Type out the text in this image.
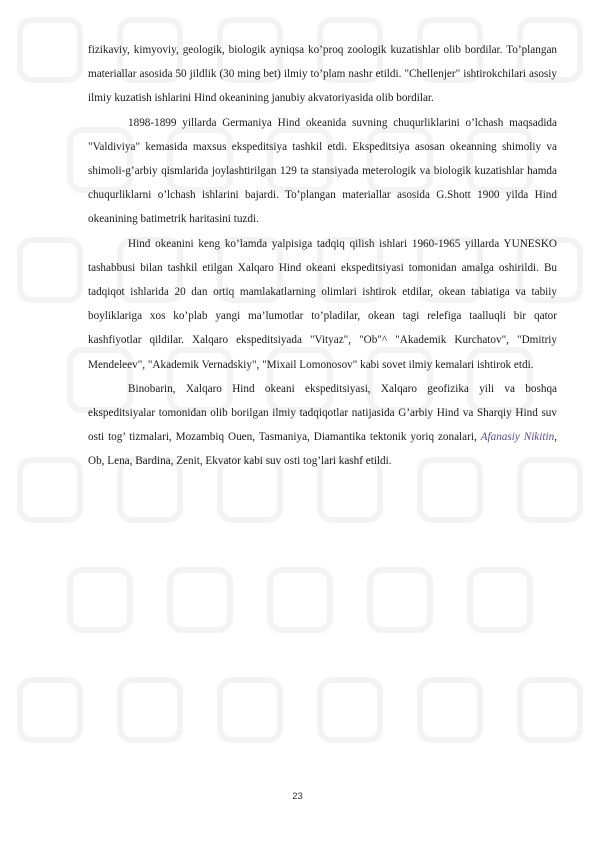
fizikaviy, kimyoviy, geologik, biologik ayniqsa ko’proq zoologik kuzatishlar olib bordilar. To’plangan materiallar asosida 50 jildlik (30 ming bet) ilmiy to’plam nashr etildi. "Chellenjer" ishtirokchilari asosiy ilmiy kuzatish ishlarini Hind okeanining janubiy akvatoriyasida olib bordilar.

1898-1899 yillarda Germaniya Hind okeanida suvning chuqurliklarini o’lchash maqsadida "Valdiviya" kemasida maxsus ekspeditsiya tashkil etdi. Ekspeditsiya asosan okeanning shimoliy va shimoli-g’arbiy qismlarida joylashtirilgan 129 ta stansiyada meterologik va biologik kuzatishlar hamda chuqurliklarni o’lchash ishlarini bajardi. To’plangan materiallar asosida G.Shott 1900 yilda Hind okeanining batimetrik haritasini tuzdi.

Hind okeanini keng ko’lamda yalpisiga tadqiq qilish ishlari 1960-1965 yillarda YUNESKO tashabbusi bilan tashkil etilgan Xalqaro Hind okeani ekspeditsiyasi tomonidan amalga oshirildi. Bu tadqiqot ishlarida 20 dan ortiq mamlakatlarning olimlari ishtirok etdilar, okean tabiatiga va tabiiy boyliklariga xos ko’plab yangi ma’lumotlar to’pladilar, okean tagi relefiga taalluqli bir qator kashfiyotlar qildilar. Xalqaro ekspeditsiyada "Vityaz", "Ob"^ "Akademik Kurchatov", "Dmitriy Mendeleev", "Akademik Vernadskiy", "Mixail Lomonosov" kabi sovet ilmiy kemalari ishtirok etdi.

Binobarin, Xalqaro Hind okeani ekspeditsiyasi, Xalqaro geofizika yili va boshqa ekspeditsiyalar tomonidan olib borilgan ilmiy tadqiqotlar natijasida G’arbiy Hind va Sharqiy Hind suv osti tog’ tizmalari, Mozambiq Ouen, Tasmaniya, Diamantika tektonik yoriq zonalari, Afanasiy Nikitin, Ob, Lena, Bardina, Zenit, Ekvator kabi suv osti tog’lari kashf etildi.

23
